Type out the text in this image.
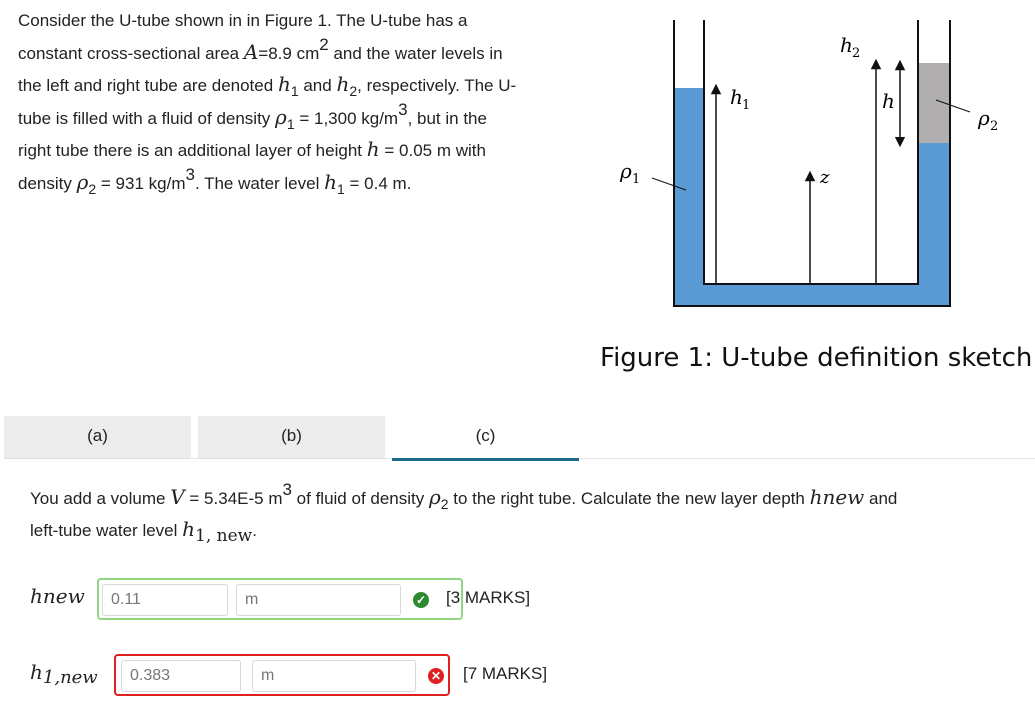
Consider the U-tube shown in in Figure 1. The U-tube has a
constant cross-sectional area A=8.9 cm2 and the water levels in
the left and right tube are denoted $h_1$ and $h_2$, respectively. The U-
tube is filled with a fluid of density $\rho_1 = 1,300$ kg/m3, but in the
right tube there is an additional layer of height h = 0.05 m with
density $\rho_2 = 931$ kg/m3. The water level $h_1 = 0.4$ m.
h 1
h 2
h
z
ρ 1
ρ 2
Figure 1: U-tube definition sketch
(a)	(b)	(c)
You add a volume V = 5.34E-5 m3 of fluid of density $\rho_2$ to the right tube. Calculate the new layer depth hnew and
left-tube water level h1, new.
hnew	0.11	m	✓ [3 MARKS]
h1,new	0.383	m	✕ [7 MARKS]
